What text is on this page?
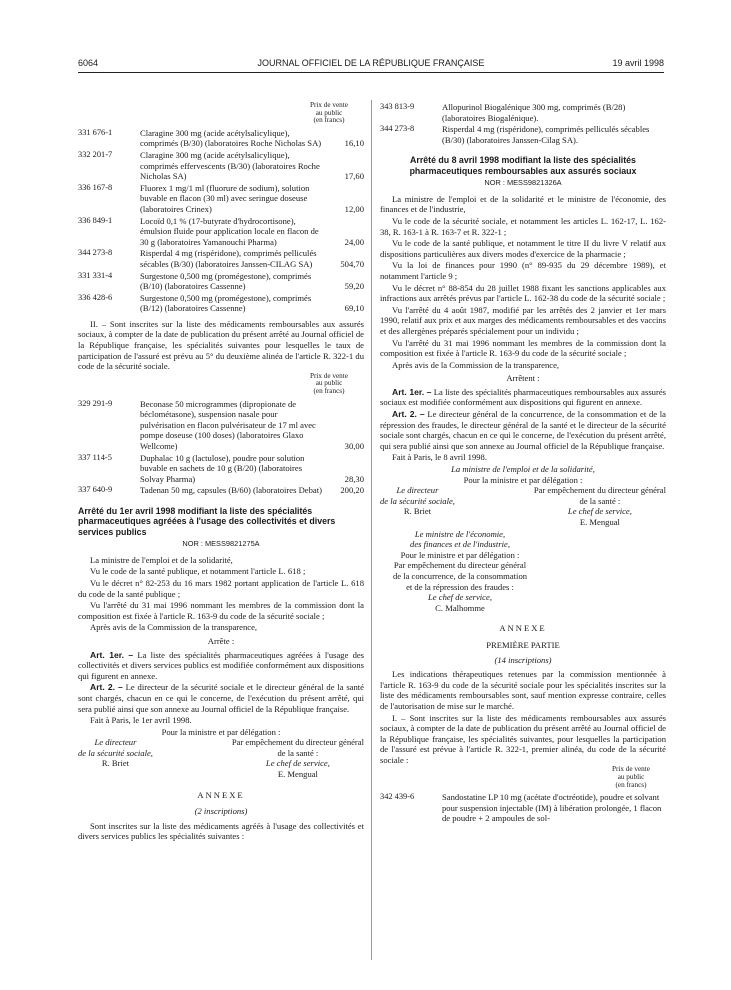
6064	JOURNAL OFFICIEL DE LA RÉPUBLIQUE FRANÇAISE	19 avril 1998
Prix de vente
au public
(en francs)
331 676-1	Claragine 300 mg (acide acétylsalicylique), comprimés (B/30) (laboratoires Roche Nicholas SA)	16,10
332 201-7	Claragine 300 mg (acide acétylsalicylique), comprimés effervescents (B/30) (laboratoires Roche Nicholas SA)	17,60
336 167-8	Fluorex 1 mg/1 ml (fluorure de sodium), solution buvable en flacon (30 ml) avec seringue doseuse (laboratoires Crinex)	12,00
336 849-1	Locoïd 0,1 % (17-butyrate d'hydrocortisone), émulsion fluide pour application locale en flacon de 30 g (laboratoires Yamanouchi Pharma)	24,00
344 273-8	Risperdal 4 mg (rispéridone), comprimés pelliculés sécables (B/30) (laboratoires Janssen-CILAG SA)	504,70
331 331-4	Surgestone 0,500 mg (promégestone), comprimés (B/10) (laboratoires Cassenne)	59,20
336 428-6	Surgestone 0,500 mg (promégestone), comprimés (B/12) (laboratoires Cassenne)	69,10

II. – Sont inscrites sur la liste des médicaments remboursables aux assurés sociaux, à compter de la date de publication du présent arrêté au Journal officiel de la République française, les spécialités suivantes pour lesquelles le taux de participation de l'assuré est prévu au 5° du deuxième alinéa de l'article R. 322-1 du code de la sécurité sociale.

Prix de vente
au public
(en francs)
329 291-9	Beconase 50 microgrammes (dipropionate de béclométasone), suspension nasale pour pulvérisation en flacon pulvérisateur de 17 ml avec pompe doseuse (100 doses) (laboratoires Glaxo Wellcome)	30,00
337 114-5	Duphalac 10 g (lactulose), poudre pour solution buvable en sachets de 10 g (B/20) (laboratoires Solvay Pharma)	28,30
337 640-9	Tadenan 50 mg, capsules (B/60) (laboratoires Debat)	200,20
Arrêté du 1er avril 1998 modifiant la liste des spécialités pharmaceutiques agréées à l'usage des collectivités et divers services publics
NOR : MESS9821275A

La ministre de l'emploi et de la solidarité,

Vu le code de la santé publique, et notamment l'article L. 618 ;

Vu le décret n° 82-253 du 16 mars 1982 portant application de l'article L. 618 du code de la santé publique ;

Vu l'arrêté du 31 mai 1996 nommant les membres de la commission dont la composition est fixée à l'article R. 163-9 du code de la sécurité sociale ;

Après avis de la Commission de la transparence,

Arrête :

Art. 1er. – La liste des spécialités pharmaceutiques agréées à l'usage des collectivités et divers services publics est modifiée conformément aux dispositions qui figurent en annexe.

Art. 2. – Le directeur de la sécurité sociale et le directeur général de la santé sont chargés, chacun en ce qui le concerne, de l'exécution du présent arrêté, qui sera publié ainsi que son annexe au Journal officiel de la République française.

Fait à Paris, le 1er avril 1998.

Pour la ministre et par délégation :
Le directeur
de la sécurité sociale,
R. Briet
Par empêchement du directeur général
de la santé :
Le chef de service,
E. Mengual
ANNEXE
(2 inscriptions)

Sont inscrites sur la liste des médicaments agréés à l'usage des collectivités et divers services publics les spécialités suivantes :

343 813-9	Allopurinol Biogalénique 300 mg, comprimés (B/28) (laboratoires Biogalénique).
344 273-8	Risperdal 4 mg (rispéridone), comprimés pelliculés sécables (B/30) (laboratoires Janssen-Cilag SA).
Arrêté du 8 avril 1998 modifiant la liste des spécialités pharmaceutiques remboursables aux assurés sociaux
NOR : MESS9821326A

La ministre de l'emploi et de la solidarité et le ministre de l'économie, des finances et de l'industrie,

Vu le code de la sécurité sociale, et notamment les articles L. 162-17, L. 162-38, R. 163-1 à R. 163-7 et R. 322-1 ;

Vu le code de la santé publique, et notamment le titre II du livre V relatif aux dispositions particulières aux divers modes d'exercice de la pharmacie ;

Vu la loi de finances pour 1990 (n° 89-935 du 29 décembre 1989), et notamment l'article 9 ;

Vu le décret n° 88-854 du 28 juillet 1988 fixant les sanctions applicables aux infractions aux arrêtés prévus par l'article L. 162-38 du code de la sécurité sociale ;

Vu l'arrêté du 4 août 1987, modifié par les arrêtés des 2 janvier et 1er mars 1990, relatif aux prix et aux marges des médicaments remboursables et des vaccins et des allergènes préparés spécialement pour un individu ;

Vu l'arrêté du 31 mai 1996 nommant les membres de la commission dont la composition est fixée à l'article R. 163-9 du code de la sécurité sociale ;

Après avis de la Commission de la transparence,

Arrêtent :

Art. 1er. – La liste des spécialités pharmaceutiques remboursables aux assurés sociaux est modifiée conformément aux dispositions qui figurent en annexe.

Art. 2. – Le directeur général de la concurrence, de la consommation et de la répression des fraudes, le directeur général de la santé et le directeur de la sécurité sociale sont chargés, chacun en ce qui le concerne, de l'exécution du présent arrêté, qui sera publié ainsi que son annexe au Journal officiel de la République française.

Fait à Paris, le 8 avril 1998.

La ministre de l'emploi et de la solidarité,
Pour la ministre et par délégation :
Le directeur
de la sécurité sociale,
R. Briet
Par empêchement du directeur général
de la santé :
Le chef de service,
E. Mengual
Le ministre de l'économie,
des finances et de l'industrie,
Pour le ministre et par délégation :
Par empêchement du directeur général
de la concurrence, de la consommation
et de la répression des fraudes :
Le chef de service,
C. Malhomme
ANNEXE
PREMIÈRE PARTIE
(14 inscriptions)

Les indications thérapeutiques retenues par la commission mentionnée à l'article R. 163-9 du code de la sécurité sociale pour les spécialités inscrites sur la liste des médicaments remboursables sont, sauf mention expresse contraire, celles de l'autorisation de mise sur le marché.

I. – Sont inscrites sur la liste des médicaments remboursables aux assurés sociaux, à compter de la date de publication du présent arrêté au Journal officiel de la République française, les spécialités suivantes, pour lesquelles la participation de l'assuré est prévue à l'article R. 322-1, premier alinéa, du code de la sécurité sociale :

Prix de vente
au public
(en francs)
342 439-6	Sandostatine LP 10 mg (acétate d'octréotide), poudre et solvant pour suspension injectable (IM) à libération prolongée, 1 flacon de poudre + 2 ampoules de sol-
